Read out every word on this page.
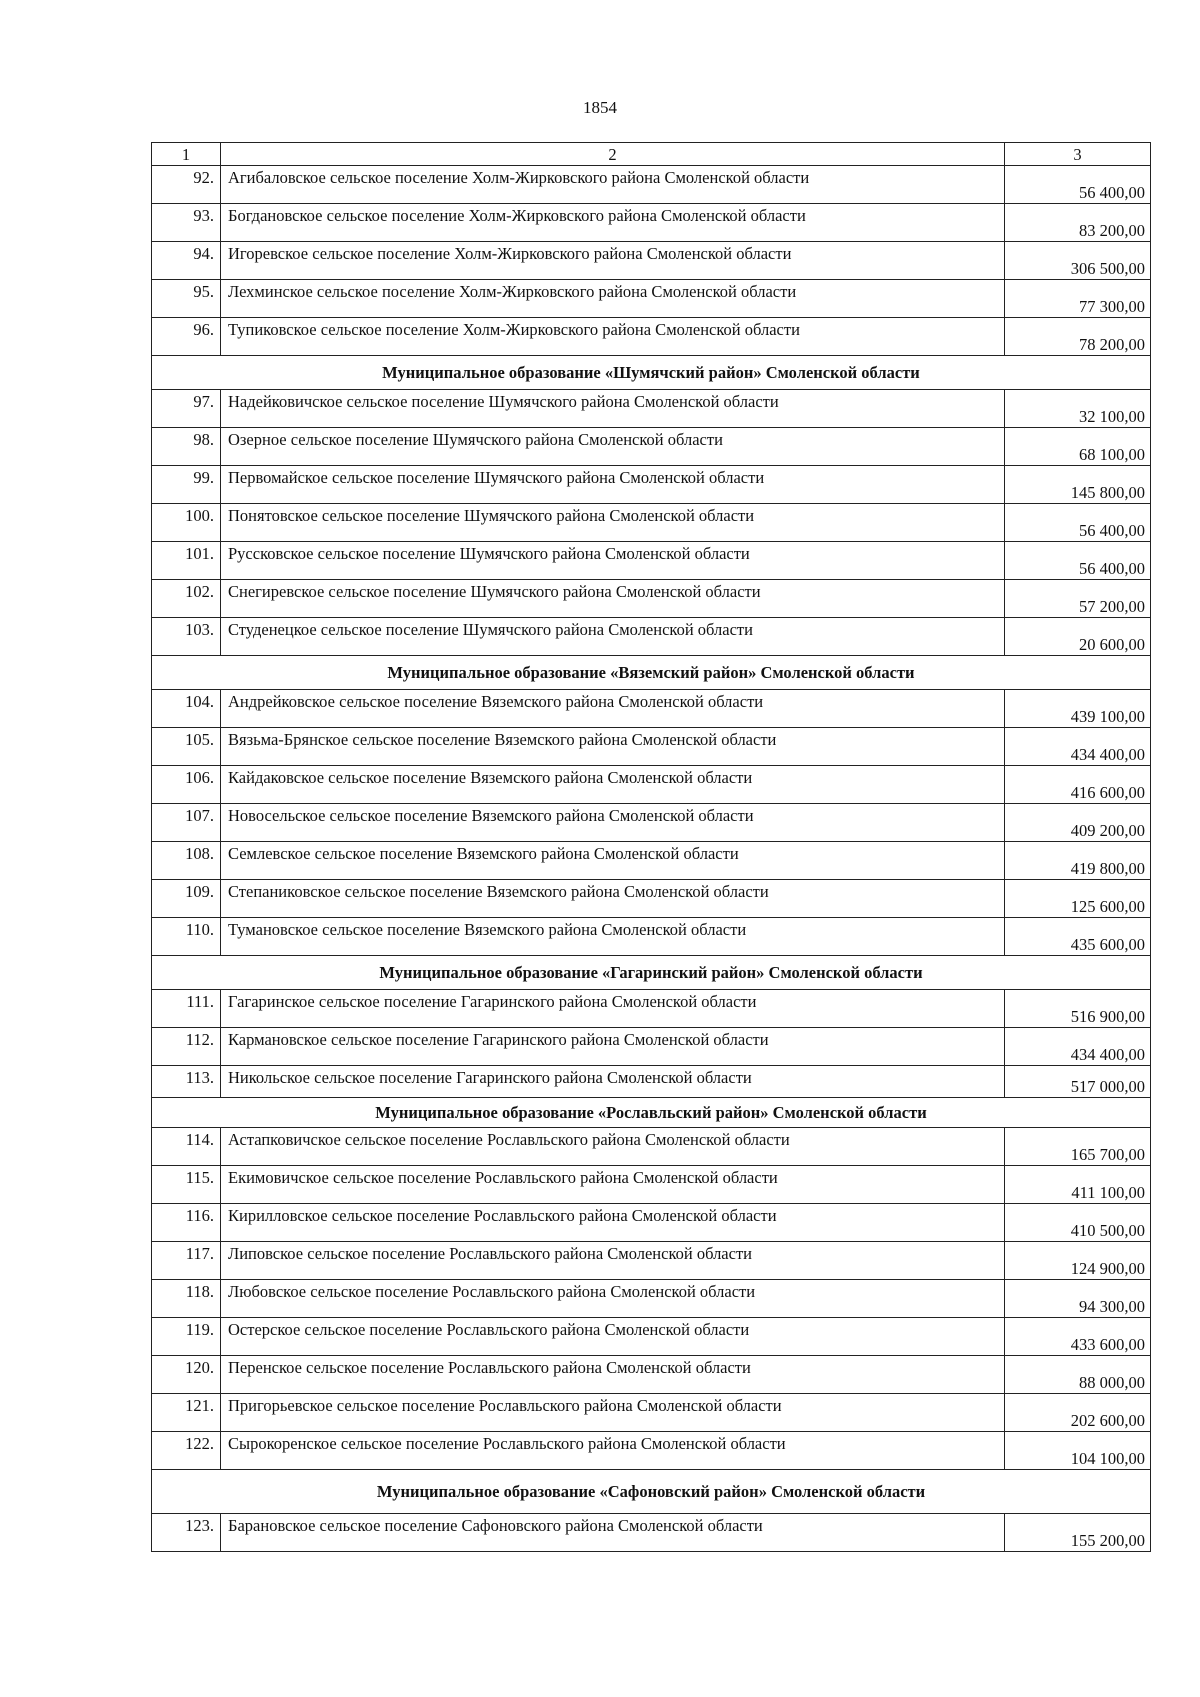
1854
1	2	3
92.	Агибаловское сельское поселение Холм-Жирковского района Смоленской области	56 400,00
93.	Богдановское сельское поселение Холм-Жирковского района Смоленской области	83 200,00
94.	Игоревское сельское поселение Холм-Жирковского района Смоленской области	306 500,00
95.	Лехминское сельское поселение Холм-Жирковского района Смоленской области	77 300,00
96.	Тупиковское сельское поселение Холм-Жирковского района Смоленской области	78 200,00
Муниципальное образование «Шумячский район» Смоленской области		
97.	Надейковичское сельское поселение Шумячского района Смоленской области	32 100,00
98.	Озерное сельское поселение Шумячского района Смоленской области	68 100,00
99.	Первомайское сельское поселение Шумячского района Смоленской области	145 800,00
100.	Понятовское сельское поселение Шумячского района Смоленской области	56 400,00
101.	Руссковское сельское поселение Шумячского района Смоленской области	56 400,00
102.	Снегиревское сельское поселение Шумячского района Смоленской области	57 200,00
103.	Студенецкое сельское поселение Шумячского района Смоленской области	20 600,00
Муниципальное образование «Вяземский район» Смоленской области		
104.	Андрейковское сельское поселение Вяземского района Смоленской области	439 100,00
105.	Вязьма-Брянское сельское поселение Вяземского района Смоленской области	434 400,00
106.	Кайдаковское сельское поселение Вяземского района Смоленской области	416 600,00
107.	Новосельское сельское поселение Вяземского района Смоленской области	409 200,00
108.	Семлевское сельское поселение Вяземского района Смоленской области	419 800,00
109.	Степаниковское сельское поселение Вяземского района Смоленской области	125 600,00
110.	Тумановское сельское поселение Вяземского района Смоленской области	435 600,00
Муниципальное образование «Гагаринский район» Смоленской области		
111.	Гагаринское сельское поселение Гагаринского района Смоленской области	516 900,00
112.	Кармановское сельское поселение Гагаринского района Смоленской области	434 400,00
113.	Никольское сельское поселение Гагаринского района Смоленской области	517 000,00
Муниципальное образование «Рославльский район» Смоленской области		
114.	Астапковичское сельское поселение Рославльского района Смоленской области	165 700,00
115.	Екимовичское сельское поселение Рославльского района Смоленской области	411 100,00
116.	Кирилловское сельское поселение Рославльского района Смоленской области	410 500,00
117.	Липовское сельское поселение Рославльского района Смоленской области	124 900,00
118.	Любовское сельское поселение Рославльского района Смоленской области	94 300,00
119.	Остерское сельское поселение Рославльского района Смоленской области	433 600,00
120.	Перенское сельское поселение Рославльского района Смоленской области	88 000,00
121.	Пригорьевское сельское поселение Рославльского района Смоленской области	202 600,00
122.	Сырокоренское сельское поселение Рославльского района Смоленской области	104 100,00
Муниципальное образование «Сафоновский район» Смоленской области		
123.	Барановское сельское поселение Сафоновского района Смоленской области	155 200,00
